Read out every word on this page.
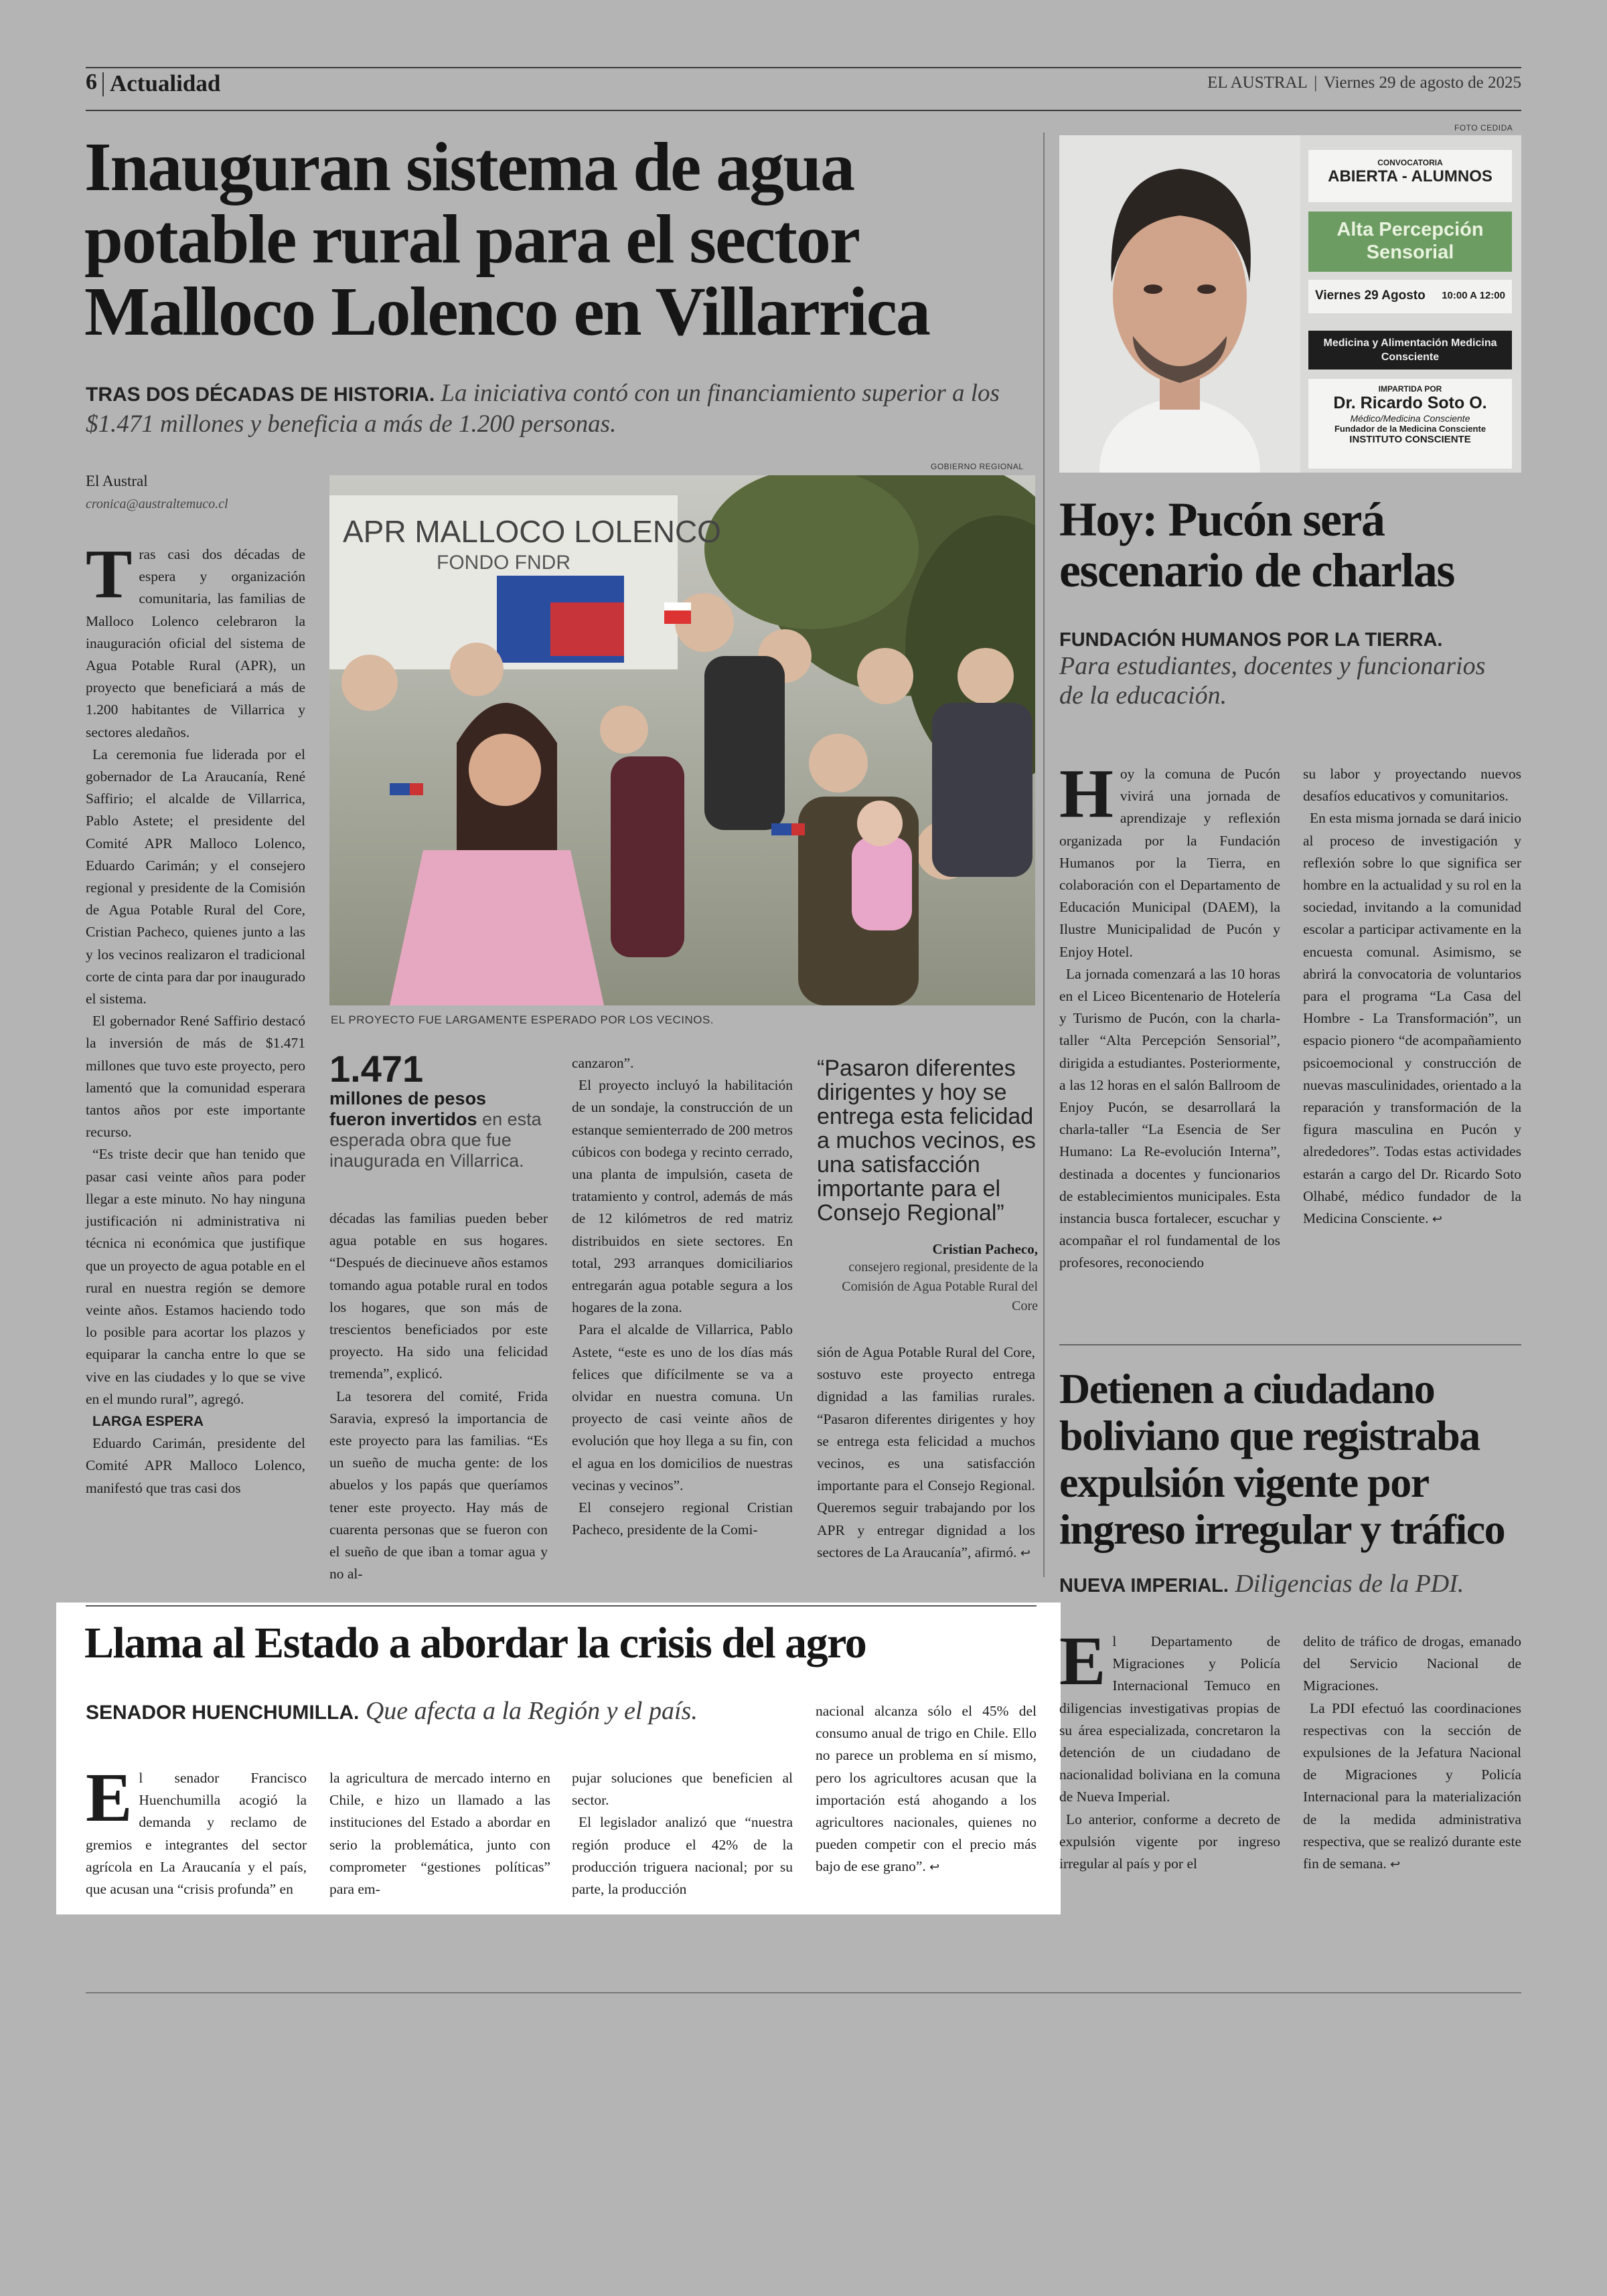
6 Actualidad	EL AUSTRAL | Viernes 29 de agosto de 2025
Inauguran sistema de agua potable rural para el sector Malloco Lolenco en Villarrica
TRAS DOS DÉCADAS DE HISTORIA. La iniciativa contó con un financiamiento superior a los $1.471 millones y beneficia a más de 1.200 personas.
El Austral
cronica@australtemuco.cl
GOBIERNO REGIONAL
APR MALLOCO LOLENCO
FONDO FNDR
EL PROYECTO FUE LARGAMENTE ESPERADO POR LOS VECINOS.
T ras casi dos décadas de espera y organización comunitaria, las familias de Malloco Lolenco celebraron la inauguración oficial del sistema de Agua Potable Rural (APR), un proyecto que beneficiará a más de 1.200 habitantes de Villarrica y sectores aledaños.

La ceremonia fue liderada por el gobernador de La Araucanía, René Saffirio; el alcalde de Villarrica, Pablo Astete; el presidente del Comité APR Malloco Lolenco, Eduardo Carimán; y el consejero regional y presidente de la Comisión de Agua Potable Rural del Core, Cristian Pacheco, quienes junto a las y los vecinos realizaron el tradicional corte de cinta para dar por inaugurado el sistema.

El gobernador René Saffirio destacó la inversión de más de $1.471 millones que tuvo este proyecto, pero lamentó que la comunidad esperara tantos años por este importante recurso.

“Es triste decir que han tenido que pasar casi veinte años para poder llegar a este minuto. No hay ninguna justificación ni administrativa ni técnica ni económica que justifique que un proyecto de agua potable en el rural en nuestra región se demore veinte años. Estamos haciendo todo lo posible para acortar los plazos y equiparar la cancha entre lo que se vive en las ciudades y lo que se vive en el mundo rural”, agregó.

LARGA ESPERA

Eduardo Carimán, presidente del Comité APR Malloco Lolenco, manifestó que tras casi dos

1.471
millones de pesos fueron invertidos en esta esperada obra que fue inaugurada en Villarrica.

décadas las familias pueden beber agua potable en sus hogares. “Después de diecinueve años estamos tomando agua potable rural en todos los hogares, que son más de trescientos beneficiados por este proyecto. Ha sido una felicidad tremenda”, explicó.

La tesorera del comité, Frida Saravia, expresó la importancia de este proyecto para las familias. “Es un sueño de mucha gente: de los abuelos y los papás que queríamos tener este proyecto. Hay más de cuarenta personas que se fueron con el sueño de que iban a tomar agua y no al-

canzaron”.

El proyecto incluyó la habilitación de un sondaje, la construcción de un estanque semienterrado de 200 metros cúbicos con bodega y recinto cerrado, una planta de impulsión, caseta de tratamiento y control, además de más de 12 kilómetros de red matriz distribuidos en siete sectores. En total, 293 arranques domiciliarios entregarán agua potable segura a los hogares de la zona.

Para el alcalde de Villarrica, Pablo Astete, “este es uno de los días más felices que difícilmente se va a olvidar en nuestra comuna. Un proyecto de casi veinte años de evolución que hoy llega a su fin, con el agua en los domicilios de nuestras vecinas y vecinos”.

El consejero regional Cristian Pacheco, presidente de la Comi-

“Pasaron diferentes dirigentes y hoy se entrega esta felicidad a muchos vecinos, es una satisfacción importante para el Consejo Regional”
Cristian Pacheco,
consejero regional, presidente de la Comisión de Agua Potable Rural del Core

sión de Agua Potable Rural del Core, sostuvo este proyecto entrega dignidad a las familias rurales. “Pasaron diferentes dirigentes y hoy se entrega esta felicidad a muchos vecinos, es una satisfacción importante para el Consejo Regional. Queremos seguir trabajando por los APR y entregar dignidad a los sectores de La Araucanía”, afirmó. ↩

Llama al Estado a abordar la crisis del agro
SENADOR HUENCHUMILLA. Que afecta a la Región y el país.
E l senador Francisco Huenchumilla acogió la demanda y reclamo de gremios e integrantes del sector agrícola en La Araucanía y el país, que acusan una “crisis profunda” en

la agricultura de mercado interno en Chile, e hizo un llamado a las instituciones del Estado a abordar en serio la problemática, junto con comprometer “gestiones políticas” para em-

pujar soluciones que beneficien al sector.

El legislador analizó que “nuestra región produce el 42% de la producción triguera nacional; por su parte, la producción

nacional alcanza sólo el 45% del consumo anual de trigo en Chile. Ello no parece un problema en sí mismo, pero los agricultores acusan que la importación está ahogando a los agricultores nacionales, quienes no pueden competir con el precio más bajo de ese grano”. ↩

FOTO CEDIDA
CONVOCATORIA
ABIERTA - ALUMNOS
Alta Percepción Sensorial
Viernes 29 Agosto 10:00 A 12:00
Medicina y Alimentación Medicina Consciente
IMPARTIDA POR
Dr. Ricardo Soto O.
Médico/Medicina Consciente
Fundador de la Medicina Consciente
INSTITUTO CONSCIENTE
Hoy: Pucón será escenario de charlas
FUNDACIÓN HUMANOS POR LA TIERRA.
Para estudiantes, docentes y funcionarios de la educación.
H oy la comuna de Pucón vivirá una jornada de aprendizaje y reflexión organizada por la Fundación Humanos por la Tierra, en colaboración con el Departamento de Educación Municipal (DAEM), la Ilustre Municipalidad de Pucón y Enjoy Hotel.

La jornada comenzará a las 10 horas en el Liceo Bicentenario de Hotelería y Turismo de Pucón, con la charla-taller “Alta Percepción Sensorial”, dirigida a estudiantes. Posteriormente, a las 12 horas en el salón Ballroom de Enjoy Pucón, se desarrollará la charla-taller “La Esencia de Ser Humano: La Re-evolución Interna”, destinada a docentes y funcionarios de establecimientos municipales. Esta instancia busca fortalecer, escuchar y acompañar el rol fundamental de los profesores, reconociendo

su labor y proyectando nuevos desafíos educativos y comunitarios.

En esta misma jornada se dará inicio al proceso de investigación y reflexión sobre lo que significa ser hombre en la actualidad y su rol en la sociedad, invitando a la comunidad escolar a participar activamente en la encuesta comunal. Asimismo, se abrirá la convocatoria de voluntarios para el programa “La Casa del Hombre - La Transformación”, un espacio pionero “de acompañamiento psicoemocional y construcción de nuevas masculinidades, orientado a la reparación y transformación de la figura masculina en Pucón y alrededores”. Todas estas actividades estarán a cargo del Dr. Ricardo Soto Olhabé, médico fundador de la Medicina Consciente. ↩

Detienen a ciudadano boliviano que registraba expulsión vigente por ingreso irregular y tráfico
NUEVA IMPERIAL. Diligencias de la PDI.
E l Departamento de Migraciones y Policía Internacional Temuco en diligencias investigativas propias de su área especializada, concretaron la detención de un ciudadano de nacionalidad boliviana en la comuna de Nueva Imperial.

Lo anterior, conforme a decreto de expulsión vigente por ingreso irregular al país y por el

delito de tráfico de drogas, emanado del Servicio Nacional de Migraciones.

La PDI efectuó las coordinaciones respectivas con la sección de expulsiones de la Jefatura Nacional de Migraciones y Policía Internacional para la materialización de la medida administrativa respectiva, que se realizó durante este fin de semana. ↩
